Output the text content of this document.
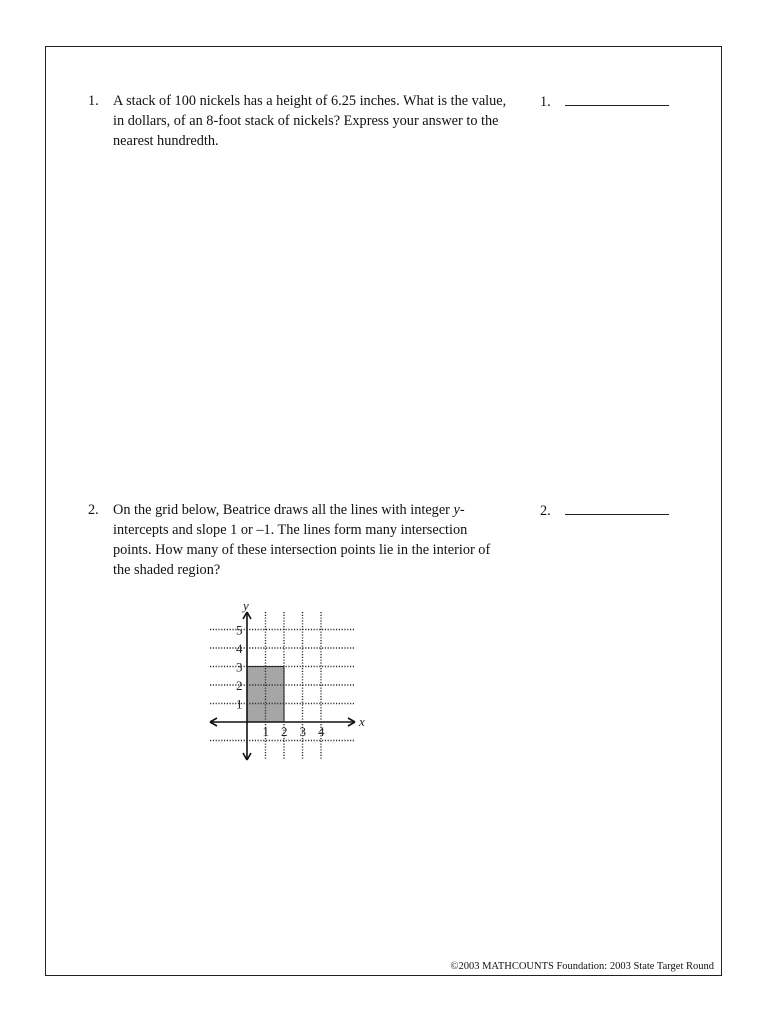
1. A stack of 100 nickels has a height of 6.25 inches. What is the value, in dollars, of an 8-foot stack of nickels? Express your answer to the nearest hundredth.
1.
2. On the grid below, Beatrice draws all the lines with integer y-intercepts and slope 1 or –1. The lines form many intersection points. How many of these intersection points lie in the interior of the shaded region?
2.
x
y
1 2 3 4
1
2
3
4
5
©2003 MATHCOUNTS Foundation: 2003 State Target Round
